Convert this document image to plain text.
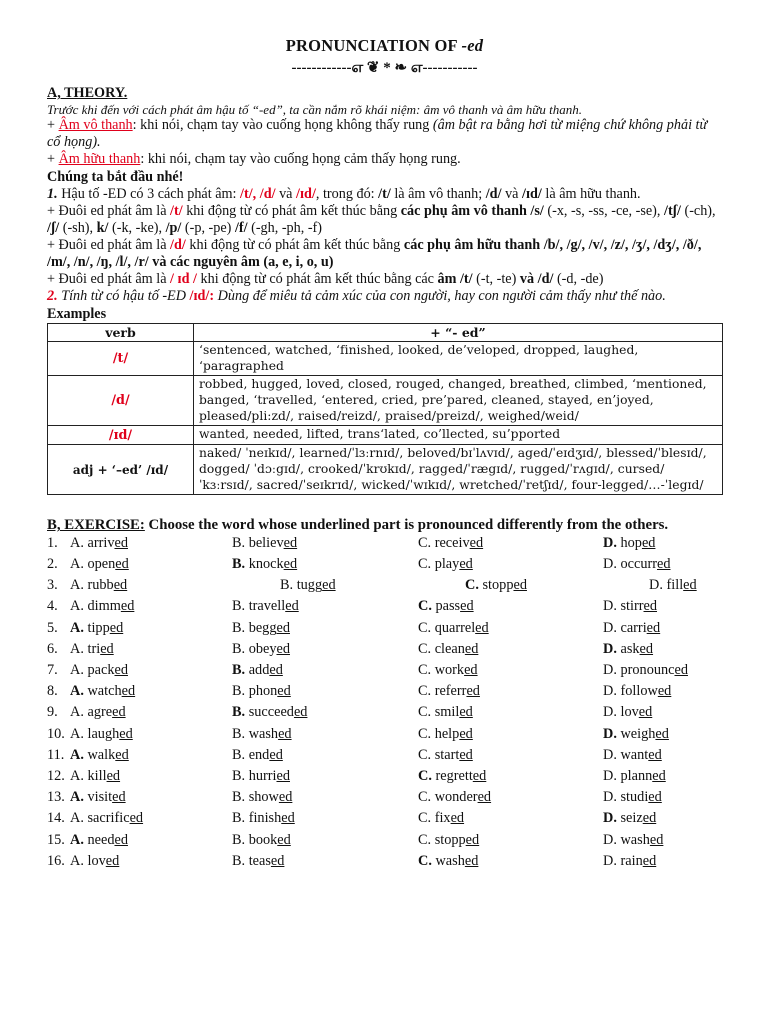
PRONUNCIATION OF -ed
------------எ ❦ * ❧ எ-----------
A, THEORY.

Trước khi đến với cách phát âm hậu tố “-ed”, ta cần nắm rõ khái niệm: âm vô thanh và âm hữu thanh.

+ Âm vô thanh: khi nói, chạm tay vào cuống họng không thấy rung (âm bật ra bằng hơi từ miệng chứ không phải từ cổ họng).

+ Âm hữu thanh: khi nói, chạm tay vào cuống họng cảm thấy họng rung.

Chúng ta bắt đầu nhé!

1. Hậu tố -ED có 3 cách phát âm: /t/, /d/ và /ɪd/, trong đó: /t/ là âm vô thanh; /d/ và /ɪd/ là âm hữu thanh.

+ Đuôi ed phát âm là /t/ khi động từ có phát âm kết thúc bằng các phụ âm vô thanh /s/ (-x, -s, -ss, -ce, -se), /tʃ/ (-ch), /ʃ/ (-sh), k/ (-k, -ke), /p/ (-p, -pe) /f/ (-gh, -ph, -f)

+ Đuôi ed phát âm là /d/ khi động từ có phát âm kết thúc bằng các phụ âm hữu thanh /b/, /g/, /v/, /z/, /ʒ/, /dʒ/, /ð/, /m/, /n/, /ŋ, /l/, /r/ và các nguyên âm (a, e, i, o, u)

+ Đuôi ed phát âm là / ɪd / khi động từ có phát âm kết thúc bằng các âm /t/ (-t, -te) và /d/ (-d, -de)

2. Tính từ có hậu tố -ED /ɪd/: Dùng để miêu tả cảm xúc của con người, hay con người cảm thấy như thế nào.

Examples
verb	+ “- ed”
/t/	‘sentenced, watched, ‘finished, looked, de’veloped, dropped, laughed, ‘paragraphed
/d/	robbed, hugged, loved, closed, rouged, changed, breathed, climbed, ‘mentioned, banged, ‘travelled, ‘entered, cried, pre’pared, cleaned, stayed, en’joyed, pleased/pli:zd/, raised/reizd/, praised/preizd/, weighed/weid/
/ɪd/	wanted, needed, lifted, trans‘lated, co’llected, su’pported
adj + ‘–ed’ /ɪd/	naked/ ˈneɪkɪd/, learned/ˈlɜːrnɪd/, beloved/bɪˈlʌvɪd/, aged/ˈeɪdʒɪd/, blessed/ˈblesɪd/, dogged/ ˈdɔːgɪd/, crooked/ˈkrʊkɪd/, ragged/ˈrægɪd/, rugged/ˈrʌgɪd/, cursed/ˈkɜːrsɪd/, sacred/ˈseɪkrɪd/, wicked/ˈwɪkɪd/, wretched/ˈretʃɪd/, four-legged/…-ˈlegɪd/
B, EXERCISE: Choose the word whose underlined part is pronounced differently from the others.
1. A. arrived	B. believed	C. received	D. hoped
2. A. opened	B. knocked	C. played	D. occurred
3. A. rubbed	B. tugged	C. stopped	D. filled
4. A. dimmed	B. travelled	C. passed	D. stirred
5. A. tipped	B. begged	C. quarreled	D. carried
6. A. tried	B. obeyed	C. cleaned	D. asked
7. A. packed	B. added	C. worked	D. pronounced
8. A. watched	B. phoned	C. referred	D. followed
9. A. agreed	B. succeeded	C. smiled	D. loved
10. A. laughed	B. washed	C. helped	D. weighed
11. A. walked	B. ended	C. started	D. wanted
12. A. killed	B. hurried	C. regretted	D. planned
13. A. visited	B. showed	C. wondered	D. studied
14. A. sacrificed	B. finished	C. fixed	D. seized
15. A. needed	B. booked	C. stopped	D. washed
16. A. loved	B. teased	C. washed	D. rained
